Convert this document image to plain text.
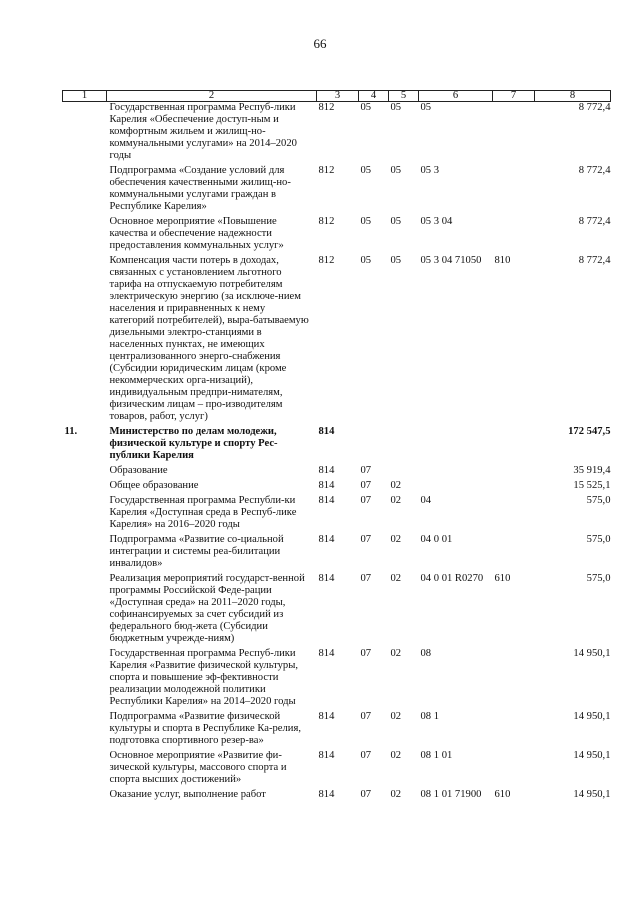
66
1	2	3	4	5	6	7	8
	Государственная программа Респуб-лики Карелия «Обеспечение доступ-ным и комфортным жильем и жилищ-но-коммунальными услугами» на 2014–2020 годы	812	05	05	05		8 772,4
	Подпрограмма «Создание условий для обеспечения качественными жилищ-но-коммунальными услугами граждан в Республике Карелия»	812	05	05	05 3		8 772,4
	Основное мероприятие «Повышение качества и обеспечение надежности предоставления коммунальных услуг»	812	05	05	05 3 04		8 772,4
	Компенсация части потерь в доходах, связанных с установлением льготного тарифа на отпускаемую потребителям электрическую энергию (за исключе-нием населения и приравненных к нему категорий потребителей), выра-батываемую дизельными электро-станциями в населенных пунктах, не имеющих централизованного энерго-снабжения (Субсидии юридическим лицам (кроме некоммерческих орга-низаций), индивидуальным предпри-нимателям, физическим лицам – про-изводителям товаров, работ, услуг)	812	05	05	05 3 04 71050	810	8 772,4
11.	Министерство по делам молодежи, физической культуре и спорту Рес-публики Карелия	814					172 547,5
	Образование	814	07				35 919,4
	Общее образование	814	07	02			15 525,1
	Государственная программа Республи-ки Карелия «Доступная среда в Респуб-лике Карелия» на 2016–2020 годы	814	07	02	04		575,0
	Подпрограмма «Развитие со-циальной интеграции и системы реа-билитации инвалидов»	814	07	02	04 0 01		575,0
	Реализация мероприятий государст-венной программы Российской Феде-рации «Доступная среда» на 2011–2020 годы, софинансируемых за счет субсидий из федерального бюд-жета (Субсидии бюджетным учрежде-ниям)	814	07	02	04 0 01 R0270	610	575,0
	Государственная программа Респуб-лики Карелия «Развитие физической культуры, спорта и повышение эф-фективности реализации молодежной политики Республики Карелия» на 2014–2020 годы	814	07	02	08		14 950,1
	Подпрограмма «Развитие физической культуры и спорта в Республике Ка-релия, подготовка спортивного резер-ва»	814	07	02	08 1		14 950,1
	Основное мероприятие «Развитие фи-зической культуры, массового спорта и спорта высших достижений»	814	07	02	08 1 01		14 950,1
	Оказание услуг, выполнение работ	814	07	02	08 1 01 71900	610	14 950,1
